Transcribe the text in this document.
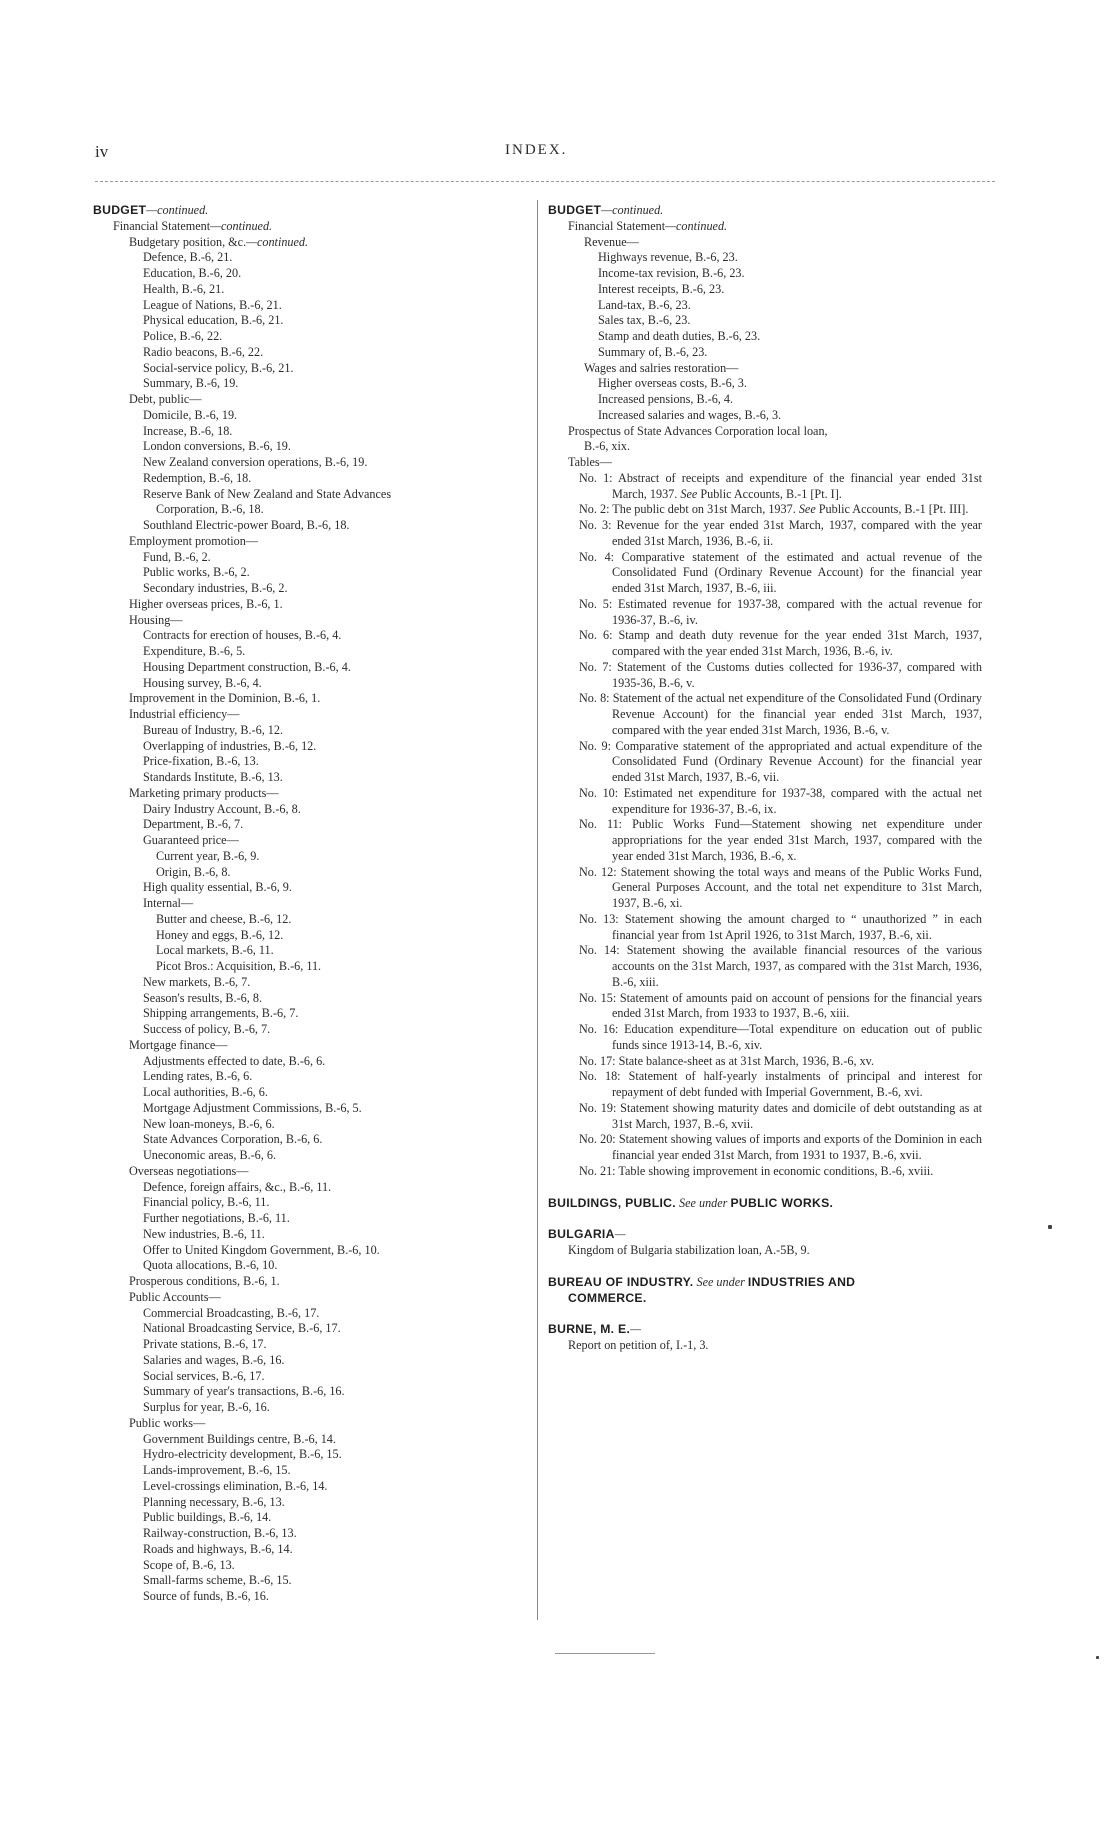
iv	INDEX.
BUDGET—continued.
Financial Statement—continued.
Budgetary position, &c.—continued.
Defence, B.-6, 21.
Education, B.-6, 20.
Health, B.-6, 21.
League of Nations, B.-6, 21.
Physical education, B.-6, 21.
Police, B.-6, 22.
Radio beacons, B.-6, 22.
Social-service policy, B.-6, 21.
Summary, B.-6, 19.
Debt, public—
Domicile, B.-6, 19.
Increase, B.-6, 18.
London conversions, B.-6, 19.
New Zealand conversion operations, B.-6, 19.
Redemption, B.-6, 18.
Reserve Bank of New Zealand and State Advances
Corporation, B.-6, 18.
Southland Electric-power Board, B.-6, 18.
Employment promotion—
Fund, B.-6, 2.
Public works, B.-6, 2.
Secondary industries, B.-6, 2.
Higher overseas prices, B.-6, 1.
Housing—
Contracts for erection of houses, B.-6, 4.
Expenditure, B.-6, 5.
Housing Department construction, B.-6, 4.
Housing survey, B.-6, 4.
Improvement in the Dominion, B.-6, 1.
Industrial efficiency—
Bureau of Industry, B.-6, 12.
Overlapping of industries, B.-6, 12.
Price-fixation, B.-6, 13.
Standards Institute, B.-6, 13.
Marketing primary products—
Dairy Industry Account, B.-6, 8.
Department, B.-6, 7.
Guaranteed price—
Current year, B.-6, 9.
Origin, B.-6, 8.
High quality essential, B.-6, 9.
Internal—
Butter and cheese, B.-6, 12.
Honey and eggs, B.-6, 12.
Local markets, B.-6, 11.
Picot Bros.: Acquisition, B.-6, 11.
New markets, B.-6, 7.
Season's results, B.-6, 8.
Shipping arrangements, B.-6, 7.
Success of policy, B.-6, 7.
Mortgage finance—
Adjustments effected to date, B.-6, 6.
Lending rates, B.-6, 6.
Local authorities, B.-6, 6.
Mortgage Adjustment Commissions, B.-6, 5.
New loan-moneys, B.-6, 6.
State Advances Corporation, B.-6, 6.
Uneconomic areas, B.-6, 6.
Overseas negotiations—
Defence, foreign affairs, &c., B.-6, 11.
Financial policy, B.-6, 11.
Further negotiations, B.-6, 11.
New industries, B.-6, 11.
Offer to United Kingdom Government, B.-6, 10.
Quota allocations, B.-6, 10.
Prosperous conditions, B.-6, 1.
Public Accounts—
Commercial Broadcasting, B.-6, 17.
National Broadcasting Service, B.-6, 17.
Private stations, B.-6, 17.
Salaries and wages, B.-6, 16.
Social services, B.-6, 17.
Summary of year's transactions, B.-6, 16.
Surplus for year, B.-6, 16.
Public works—
Government Buildings centre, B.-6, 14.
Hydro-electricity development, B.-6, 15.
Lands-improvement, B.-6, 15.
Level-crossings elimination, B.-6, 14.
Planning necessary, B.-6, 13.
Public buildings, B.-6, 14.
Railway-construction, B.-6, 13.
Roads and highways, B.-6, 14.
Scope of, B.-6, 13.
Small-farms scheme, B.-6, 15.
Source of funds, B.-6, 16.
BUDGET—continued.
Financial Statement—continued.
Revenue—
Highways revenue, B.-6, 23.
Income-tax revision, B.-6, 23.
Interest receipts, B.-6, 23.
Land-tax, B.-6, 23.
Sales tax, B.-6, 23.
Stamp and death duties, B.-6, 23.
Summary of, B.-6, 23.
Wages and salries restoration—
Higher overseas costs, B.-6, 3.
Increased pensions, B.-6, 4.
Increased salaries and wages, B.-6, 3.
Prospectus of State Advances Corporation local loan,
B.-6, xix.
Tables—
No. 1: Abstract of receipts and expenditure of the financial year ended 31st March, 1937. See Public Accounts, B.-1 [Pt. I].
No. 2: The public debt on 31st March, 1937. See Public Accounts, B.-1 [Pt. III].
No. 3: Revenue for the year ended 31st March, 1937, compared with the year ended 31st March, 1936, B.-6, ii.
No. 4: Comparative statement of the estimated and actual revenue of the Consolidated Fund (Ordinary Revenue Account) for the financial year ended 31st March, 1937, B.-6, iii.
No. 5: Estimated revenue for 1937-38, compared with the actual revenue for 1936-37, B.-6, iv.
No. 6: Stamp and death duty revenue for the year ended 31st March, 1937, compared with the year ended 31st March, 1936, B.-6, iv.
No. 7: Statement of the Customs duties collected for 1936-37, compared with 1935-36, B.-6, v.
No. 8: Statement of the actual net expenditure of the Consolidated Fund (Ordinary Revenue Account) for the financial year ended 31st March, 1937, compared with the year ended 31st March, 1936, B.-6, v.
No. 9: Comparative statement of the appropriated and actual expenditure of the Consolidated Fund (Ordinary Revenue Account) for the financial year ended 31st March, 1937, B.-6, vii.
No. 10: Estimated net expenditure for 1937-38, compared with the actual net expenditure for 1936-37, B.-6, ix.
No. 11: Public Works Fund—Statement showing net expenditure under appropriations for the year ended 31st March, 1937, compared with the year ended 31st March, 1936, B.-6, x.
No. 12: Statement showing the total ways and means of the Public Works Fund, General Purposes Account, and the total net expenditure to 31st March, 1937, B.-6, xi.
No. 13: Statement showing the amount charged to “ unauthorized ” in each financial year from 1st April 1926, to 31st March, 1937, B.-6, xii.
No. 14: Statement showing the available financial resources of the various accounts on the 31st March, 1937, as compared with the 31st March, 1936, B.-6, xiii.
No. 15: Statement of amounts paid on account of pensions for the financial years ended 31st March, from 1933 to 1937, B.-6, xiii.
No. 16: Education expenditure—Total expenditure on education out of public funds since 1913-14, B.-6, xiv.
No. 17: State balance-sheet as at 31st March, 1936, B.-6, xv.
No. 18: Statement of half-yearly instalments of principal and interest for repayment of debt funded with Imperial Government, B.-6, xvi.
No. 19: Statement showing maturity dates and domicile of debt outstanding as at 31st March, 1937, B.-6, xvii.
No. 20: Statement showing values of imports and exports of the Dominion in each financial year ended 31st March, from 1931 to 1937, B.-6, xvii.
No. 21: Table showing improvement in economic conditions, B.-6, xviii.
BUILDINGS, PUBLIC. See under PUBLIC WORKS.
BULGARIA—
Kingdom of Bulgaria stabilization loan, A.-5B, 9.
BUREAU OF INDUSTRY. See under INDUSTRIES AND
COMMERCE.
BURNE, M. E.—
Report on petition of, I.-1, 3.
